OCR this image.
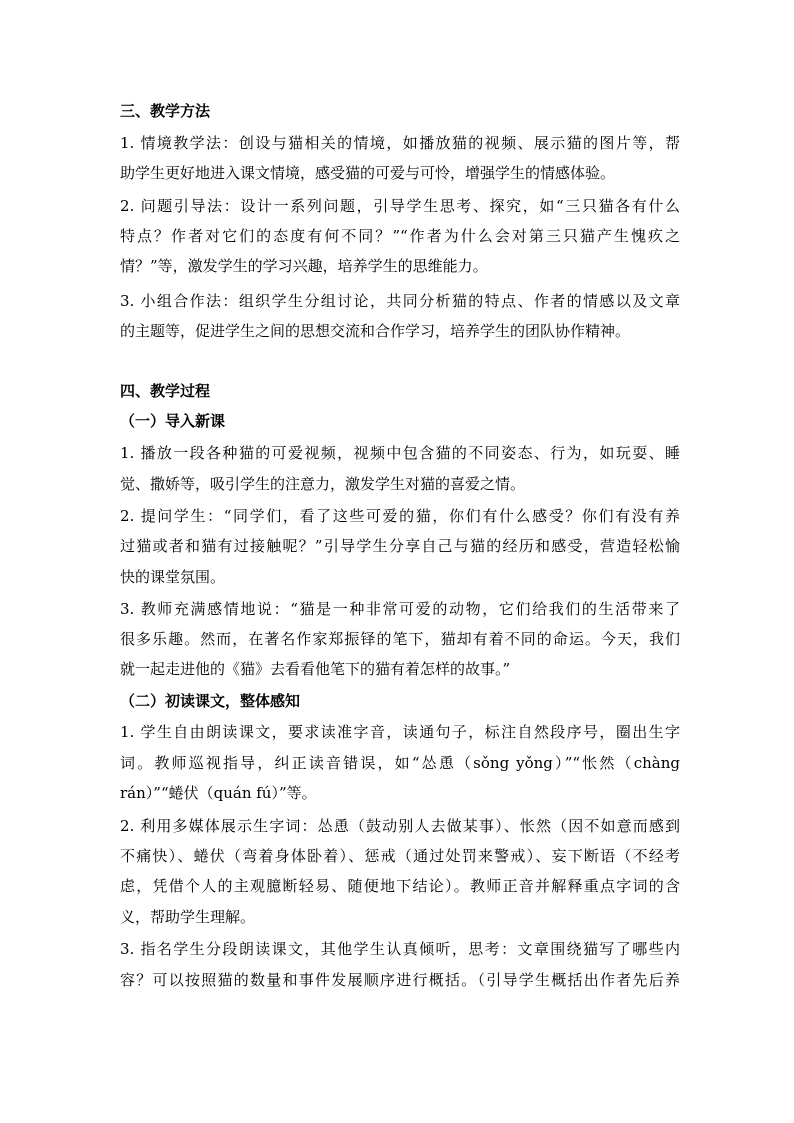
三、教学方法
1. 情境教学法：创设与猫相关的情境，如播放猫的视频、展示猫的图片等，帮
助学生更好地进入课文情境，感受猫的可爱与可怜，增强学生的情感体验。
2. 问题引导法：设计一系列问题，引导学生思考、探究，如“三只猫各有什么
特点？作者对它们的态度有何不同？”“作者为什么会对第三只猫产生愧疚之
情？”等，激发学生的学习兴趣，培养学生的思维能力。
3. 小组合作法：组织学生分组讨论，共同分析猫的特点、作者的情感以及文章
的主题等，促进学生之间的思想交流和合作学习，培养学生的团队协作精神。
四、教学过程
（一）导入新课
1. 播放一段各种猫的可爱视频，视频中包含猫的不同姿态、行为，如玩耍、睡
觉、撒娇等，吸引学生的注意力，激发学生对猫的喜爱之情。
2. 提问学生：“同学们，看了这些可爱的猫，你们有什么感受？你们有没有养
过猫或者和猫有过接触呢？”引导学生分享自己与猫的经历和感受，营造轻松愉
快的课堂氛围。
3. 教师充满感情地说：“猫是一种非常可爱的动物，它们给我们的生活带来了
很多乐趣。然而，在著名作家郑振铎的笔下，猫却有着不同的命运。今天，我们
就一起走进他的《猫》去看看他笔下的猫有着怎样的故事。”
（二）初读课文，整体感知
1. 学生自由朗读课文，要求读准字音，读通句子，标注自然段序号，圈出生字
词。教师巡视指导，纠正读音错误，如“怂恿（sǒng yǒng）”“怅然（chàng
rán）”“蜷伏（quán fú）”等。
2. 利用多媒体展示生字词：怂恿（鼓动别人去做某事）、怅然（因不如意而感到
不痛快）、蜷伏（弯着身体卧着）、惩戒（通过处罚来警戒）、妄下断语（不经考
虑，凭借个人的主观臆断轻易、随便地下结论）。教师正音并解释重点字词的含
义，帮助学生理解。
3. 指名学生分段朗读课文，其他学生认真倾听，思考：文章围绕猫写了哪些内
容？可以按照猫的数量和事件发展顺序进行概括。（引导学生概括出作者先后养
